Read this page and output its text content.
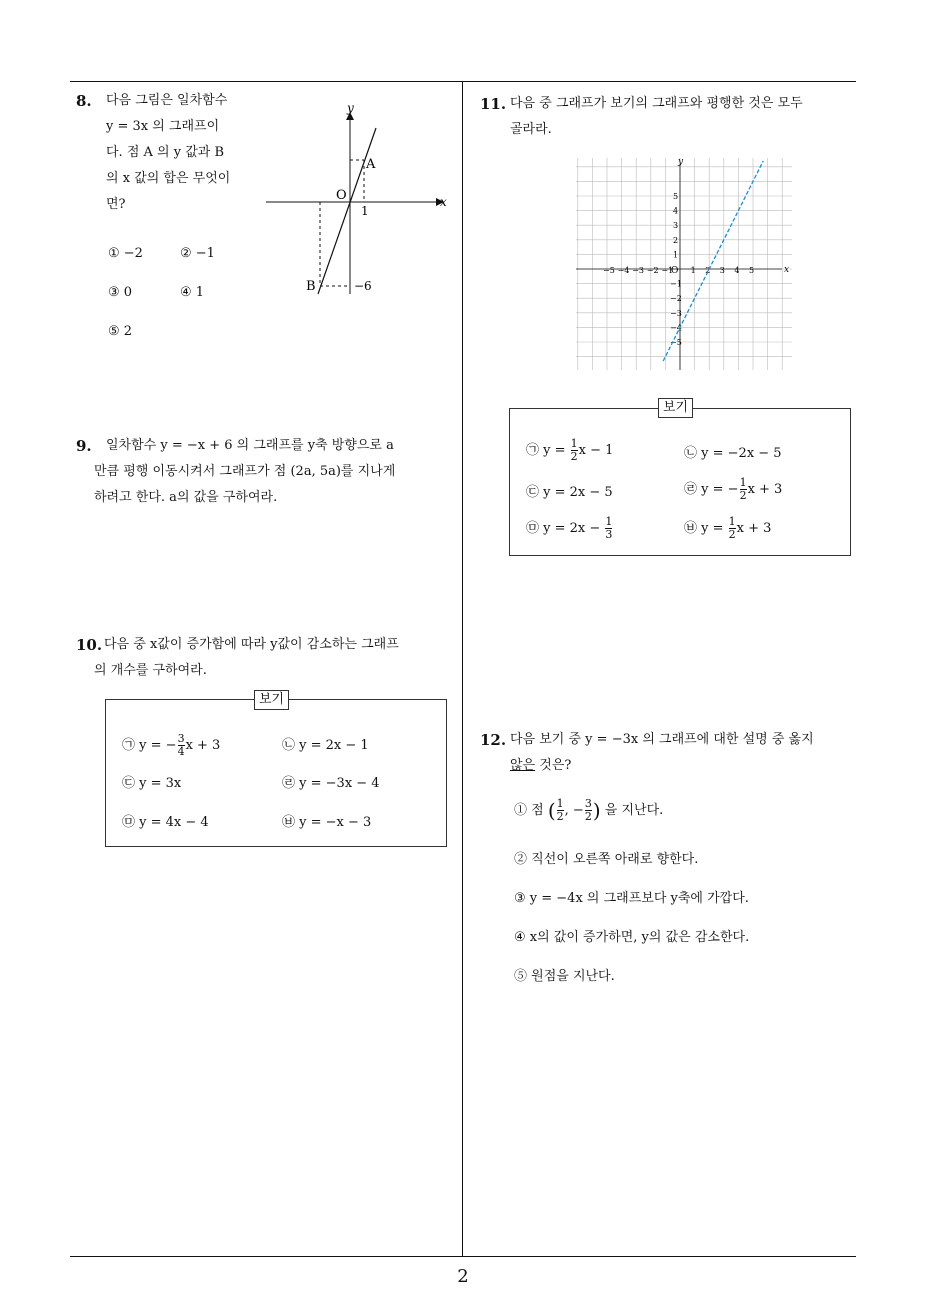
8. 다음 그림은 일차함수
y = 3x 의 그래프이
다. 점 A 의 y 값과 B
의 x 값의 합은 무엇이
면?
y
x
O
1
A
B	−6
① −2	② −1
③ 0	④ 1
⑤ 2
9. 일차함수 y = −x + 6 의 그래프를 y축 방향으로 a
만큼 평행 이동시켜서 그래프가 점 (2a, 5a)를 지나게
하려고 한다. a의 값을 구하여라.
10. 다음 중 x값이 증가함에 따라 y값이 감소하는 그래프
의 개수를 구하여라.
보기
㉠ y = − $\frac{3}{4}$ x + 3	㉡ y = 2x − 1
㉢ y = 3x	㉣ y = −3x − 4
㉤ y = 4x − 4	㉥ y = −x − 3
11. 다음 중 그래프가 보기의 그래프와 평행한 것은 모두
골라라.
−5 −4 −3 −2 −1 1 2 3 4 5
5
4
3
2
1
−1
−2
−3
−4
−5
x
y
O
보기
㉠ $y = \frac{1}{2}$ x − 1	㉡ y = −2x − 5
㉢ y = 2x − 5	㉣ y = − $\frac{1}{2}$ x + 3
㉤ $y = 2x - \frac{1}{3}$	㉥ $y = \frac{1}{2}$ x + 3
12. 다음 보기 중 y = −3x 의 그래프에 대한 설명 중 옳지
않은 것은?
① 점 ( $\frac{1}{2}$ , − $\frac{3}{2}$ ) 을 지난다.
② 직선이 오른쪽 아래로 향한다.
③ y = −4x 의 그래프보다 y축에 가깝다.
④ x의 값이 증가하면, y의 값은 감소한다.
⑤ 원점을 지난다.
2
